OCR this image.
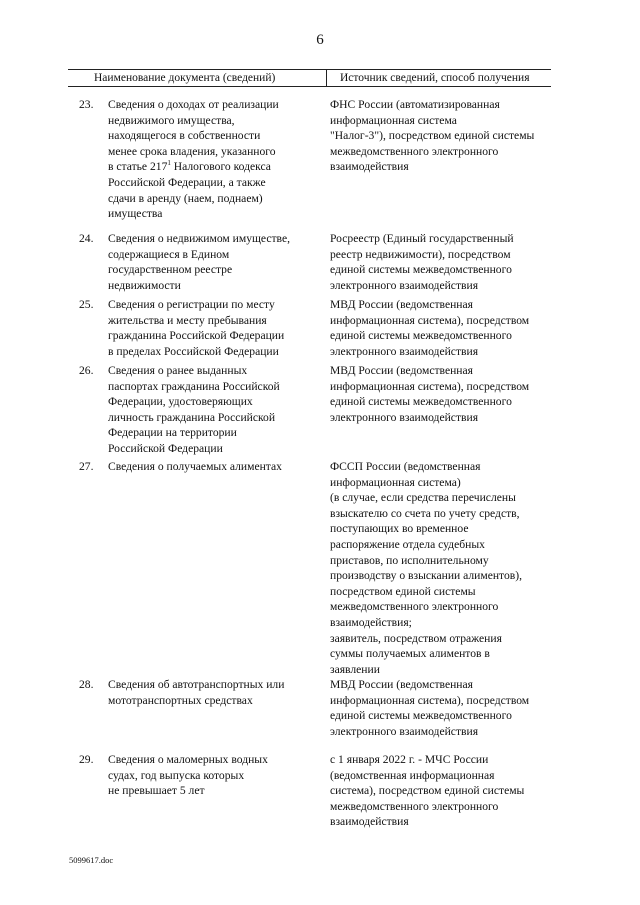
6
Наименование документа (сведений)	Источник сведений, способ получения
23. Сведения о доходах от реализации
недвижимого имущества,
находящегося в собственности
менее срока владения, указанного
в статье $217^1$ Налогового кодекса
Российской Федерации, а также
сдачи в аренду (наем, поднаем)
имущества
ФНС России (автоматизированная
информационная система
"Налог-3"), посредством единой системы
межведомственного электронного
взаимодействия
24. Сведения о недвижимом имуществе,
содержащиеся в Едином
государственном реестре
недвижимости
Росреестр (Единый государственный
реестр недвижимости), посредством
единой системы межведомственного
электронного взаимодействия
25. Сведения о регистрации по месту
жительства и месту пребывания
гражданина Российской Федерации
в пределах Российской Федерации
МВД России (ведомственная
информационная система), посредством
единой системы межведомственного
электронного взаимодействия
26. Сведения о ранее выданных
паспортах гражданина Российской
Федерации, удостоверяющих
личность гражданина Российской
Федерации на территории
Российской Федерации
МВД России (ведомственная
информационная система), посредством
единой системы межведомственного
электронного взаимодействия
27. Сведения о получаемых алиментах	ФССП России (ведомственная
информационная система)
(в случае, если средства перечислены
взыскателю со счета по учету средств,
поступающих во временное
распоряжение отдела судебных
приставов, по исполнительному
производству о взыскании алиментов),
посредством единой системы
межведомственного электронного
взаимодействия;
заявитель, посредством отражения
суммы получаемых алиментов в
заявлении
28. Сведения об автотранспортных или
мототранспортных средствах
МВД России (ведомственная
информационная система), посредством
единой системы межведомственного
электронного взаимодействия
29. Сведения о маломерных водных
судах, год выпуска которых
не превышает 5 лет
с 1 января 2022 г. - МЧС России
(ведомственная информационная
система), посредством единой системы
межведомственного электронного
взаимодействия
5099617.doc
